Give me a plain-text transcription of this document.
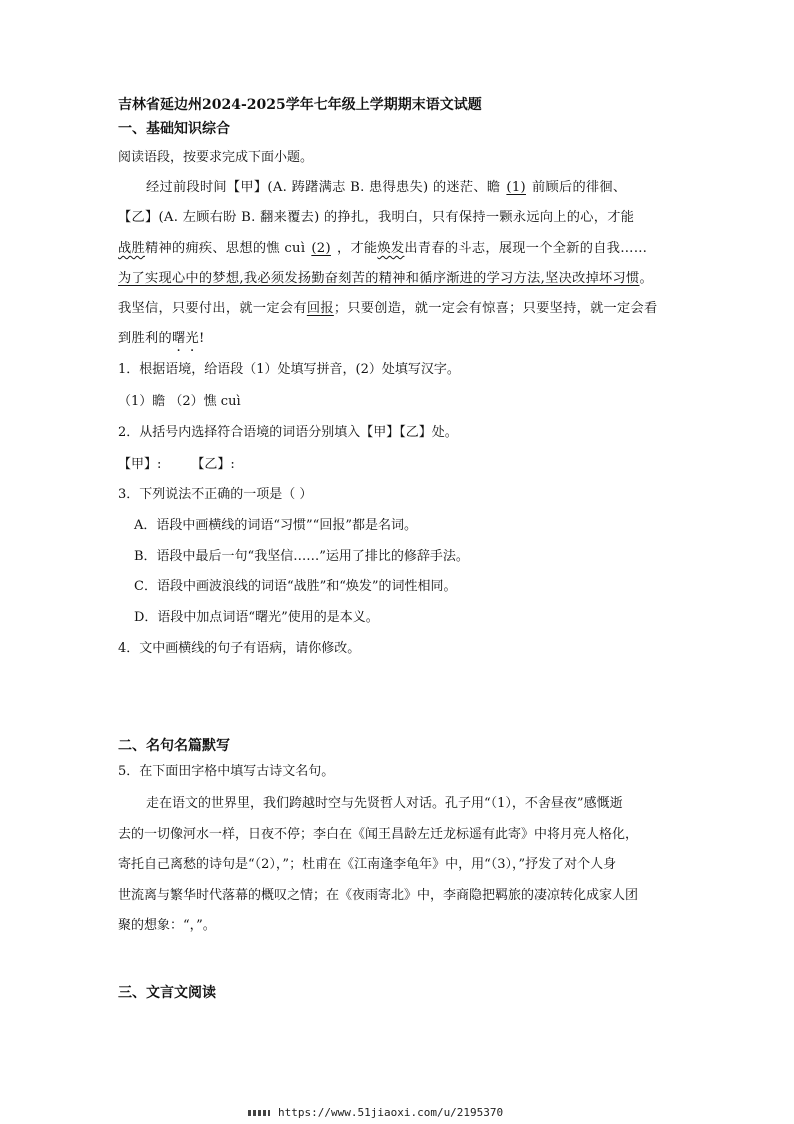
吉林省延边州2024-2025学年七年级上学期期末语文试题
一、基础知识综合
阅读语段，按要求完成下面小题。
经过前段时间【甲】(A. 踌躇满志 B. 患得患失) 的迷茫、瞻 (1) 前顾后的徘徊、
【乙】(A. 左顾右盼 B. 翻来覆去) 的挣扎，我明白，只有保持一颗永远向上的心，才能
战胜精神的痈疾、思想的憔 cuì (2) ，才能焕发出青春的斗志，展现一个全新的自我……
为了实现心中的梦想,我必须发扬勤奋刻苦的精神和循序渐进的学习方法,坚决改掉坏习惯。
我坚信，只要付出，就一定会有回报；只要创造，就一定会有惊喜；只要坚持，就一定会看
到胜利的曙光!
1．根据语境，给语段（1）处填写拼音，(2）处填写汉字。
（1）瞻 （2）憔 cuì
2．从括号内选择符合语境的词语分别填入【甲】【乙】处。
【甲】: 【乙】:
3．下列说法不正确的一项是（ ）
A．语段中画横线的词语“习惯”“回报”都是名词。
B．语段中最后一句“我坚信……”运用了排比的修辞手法。
C．语段中画波浪线的词语“战胜”和“焕发”的词性相同。
D．语段中加点词语“曙光”使用的是本义。
4．文中画横线的句子有语病，请你修改。
二、名句名篇默写
5．在下面田字格中填写古诗文名句。
走在语文的世界里，我们跨越时空与先贤哲人对话。孔子用“（1），不舍昼夜”感慨逝
去的一切像河水一样，日夜不停；李白在《闻王昌龄左迁龙标遥有此寄》中将月亮人格化，
寄托自己离愁的诗句是“（2），”；杜甫在《江南逢李龟年》中，用“（3），”抒发了对个人身
世流离与繁华时代落幕的概叹之情；在《夜雨寄北》中，李商隐把羁旅的凄凉转化成家人团
聚的想象：“，”。
三、文言文阅读
https://www.51jiaoxi.com/u/2195370
